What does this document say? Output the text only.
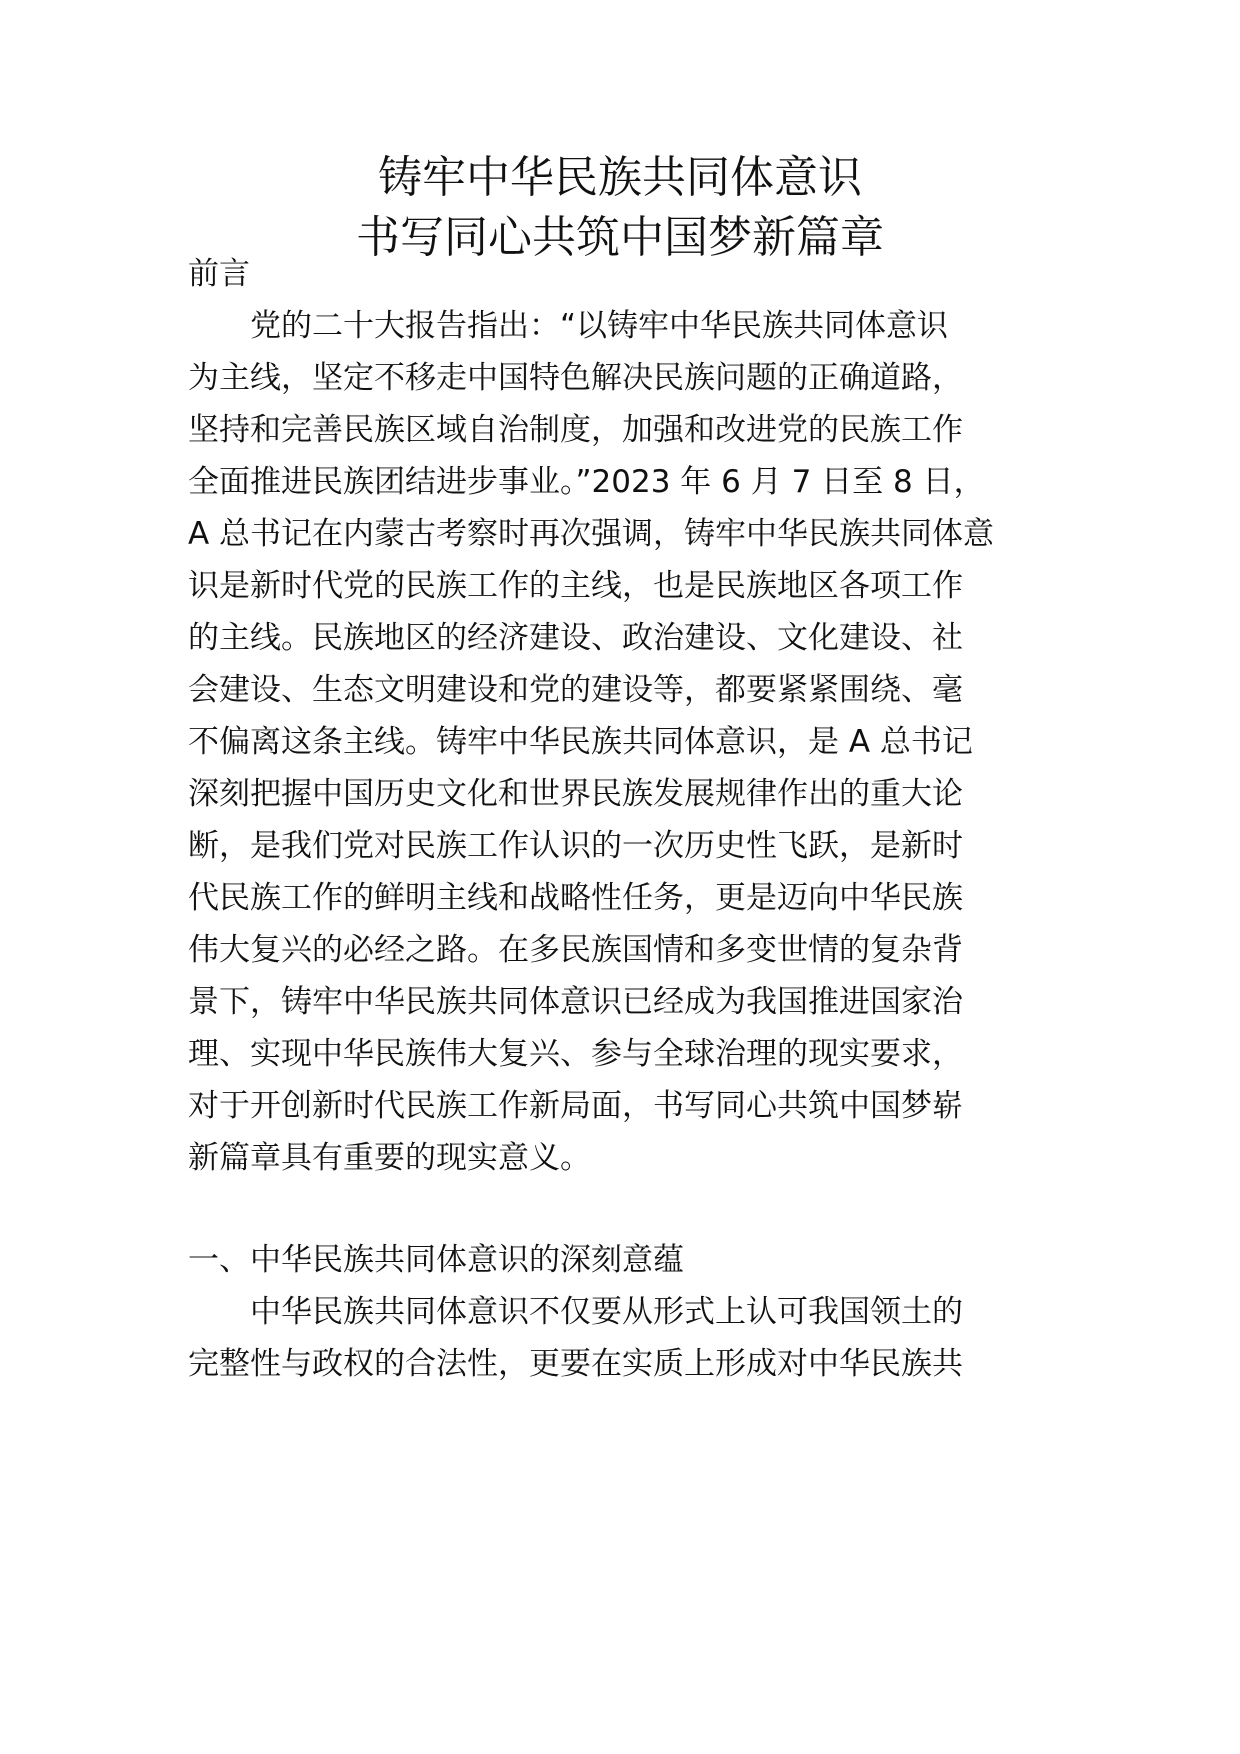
铸牢中华民族共同体意识
书写同心共筑中国梦新篇章
前言
党的二十大报告指出：“以铸牢中华民族共同体意识
为主线，坚定不移走中国特色解决民族问题的正确道路，
坚持和完善民族区域自治制度，加强和改进党的民族工作
全面推进民族团结进步事业。”2023 年 6 月 7 日至 8 日，
A 总书记在内蒙古考察时再次强调，铸牢中华民族共同体意
识是新时代党的民族工作的主线，也是民族地区各项工作
的主线。民族地区的经济建设、政治建设、文化建设、社
会建设、生态文明建设和党的建设等，都要紧紧围绕、毫
不偏离这条主线。铸牢中华民族共同体意识，是 A 总书记
深刻把握中国历史文化和世界民族发展规律作出的重大论
断，是我们党对民族工作认识的一次历史性飞跃，是新时
代民族工作的鲜明主线和战略性任务，更是迈向中华民族
伟大复兴的必经之路。在多民族国情和多变世情的复杂背
景下，铸牢中华民族共同体意识已经成为我国推进国家治
理、实现中华民族伟大复兴、参与全球治理的现实要求，
对于开创新时代民族工作新局面，书写同心共筑中国梦崭
新篇章具有重要的现实意义。
一、中华民族共同体意识的深刻意蕴
中华民族共同体意识不仅要从形式上认可我国领土的
完整性与政权的合法性，更要在实质上形成对中华民族共
